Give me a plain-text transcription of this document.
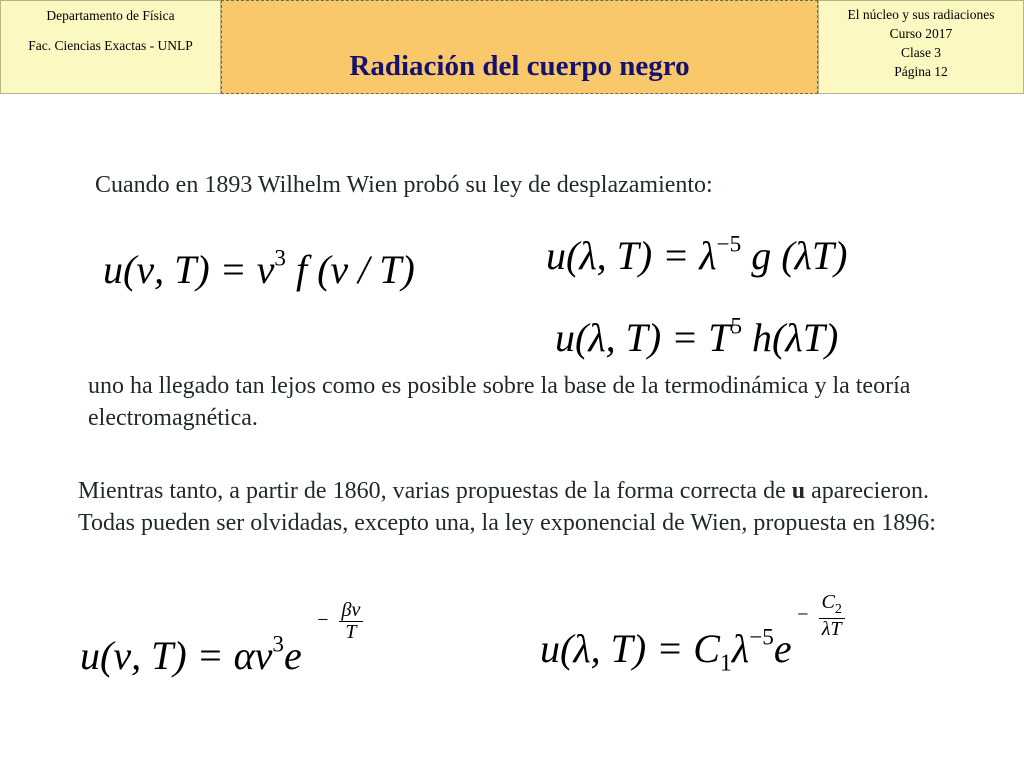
Departamento de Física
Fac. Ciencias Exactas - UNLP
Radiación del cuerpo negro
El núcleo y sus radiaciones
Curso 2017
Clase 3
Página 12
Cuando en 1893 Wilhelm Wien probó su ley de desplazamiento:
u(ν, $T) = \nu^3$ f (ν / T)	u(λ, $T) = \lambda^{-5}$ g (λT)
u(λ, $T) = T^5$ h(λT)
uno ha llegado tan lejos como es posible sobre la base de la termodinámica y la teoría electromagnética.
Mientras tanto, a partir de 1860, varias propuestas de la forma correcta de u aparecieron. Todas pueden ser olvidadas, excepto una, la ley exponencial de Wien, propuesta en 1896:
u(ν, $T) = \alpha\nu^3e$
− $\frac{\beta\nu}{T}$
u(λ, $T) = C_1\lambda^{-5}e$
− $\frac{C_2}{\lambda T}$
